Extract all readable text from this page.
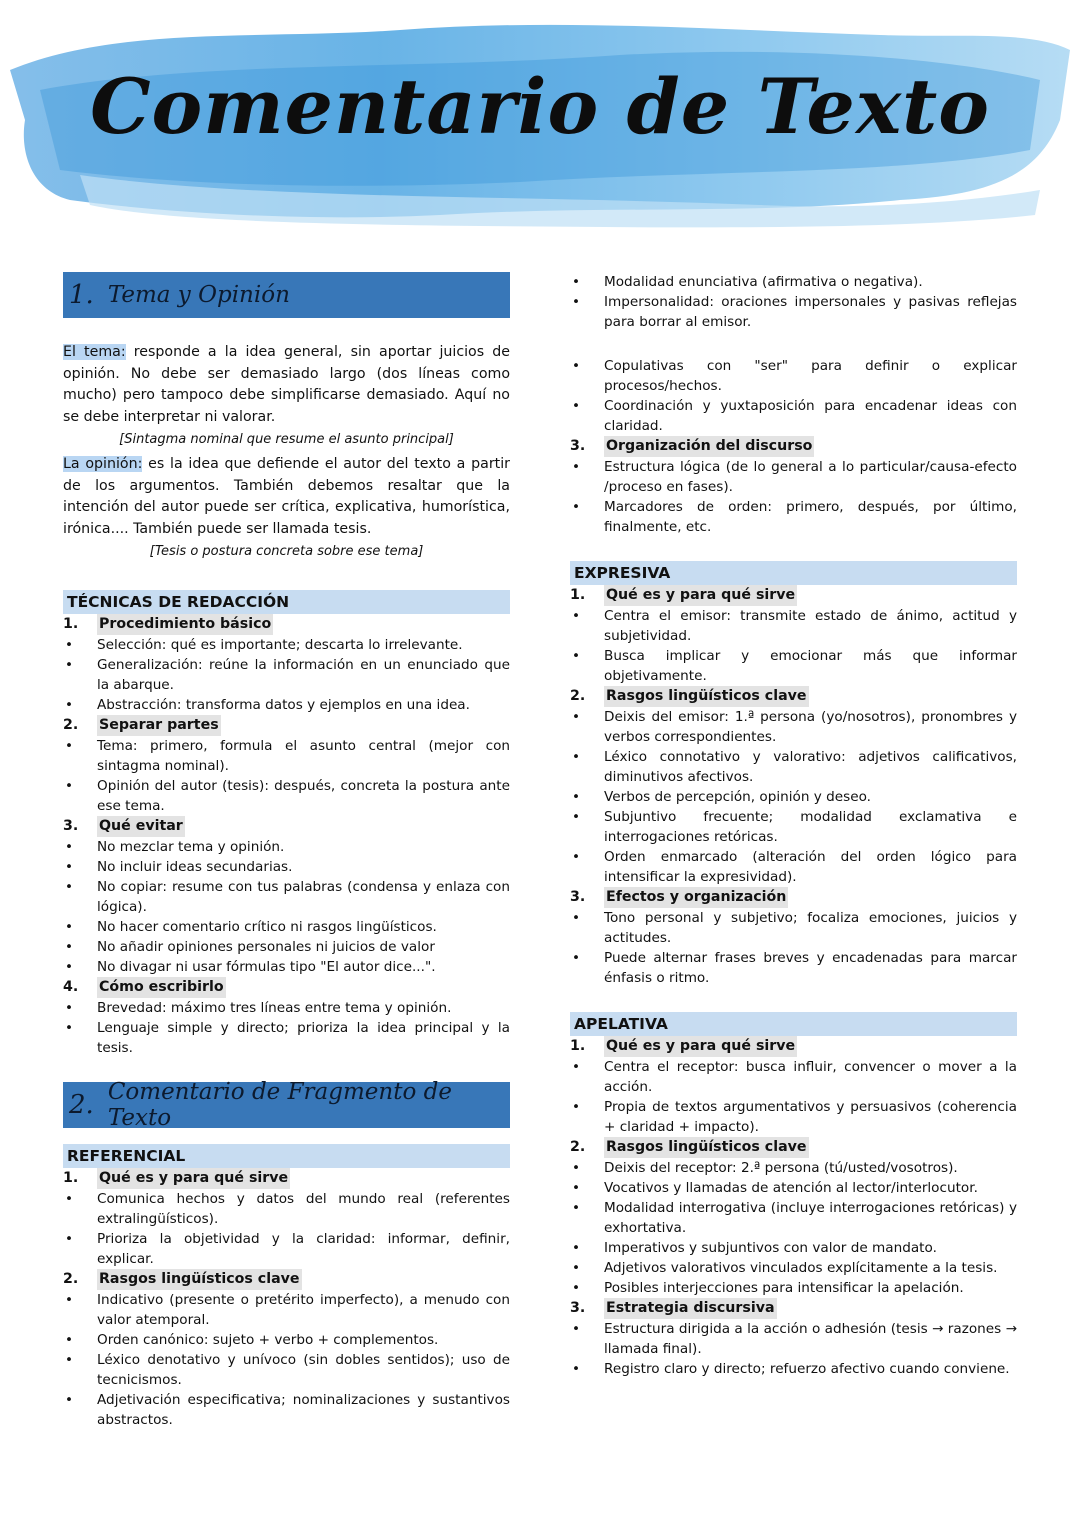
Comentario de Texto
1. Tema y Opinión

El tema: responde a la idea general, sin aportar juicios de opinión. No debe ser demasiado largo (dos líneas como mucho) pero tampoco debe simplificarse demasiado. Aquí no se debe interpretar ni valorar.

[Sintagma nominal que resume el asunto principal]

La opinión: es la idea que defiende el autor del texto a partir de los argumentos. También debemos resaltar que la intención del autor puede ser crítica, explicativa, humorística, irónica.... También puede ser llamada tesis.

[Tesis o postura concreta sobre ese tema]
TÉCNICAS DE REDACCIÓN
1.	Procedimiento básico
• Selección: qué es importante; descarta lo irrelevante.
• Generalización: reúne la información en un enunciado que la abarque.
• Abstracción: transforma datos y ejemplos en una idea.
2.	Separar partes
• Tema: primero, formula el asunto central (mejor con sintagma nominal).
• Opinión del autor (tesis): después, concreta la postura ante ese tema.
3.	Qué evitar
• No mezclar tema y opinión.
• No incluir ideas secundarias.
• No copiar: resume con tus palabras (condensa y enlaza con lógica).
• No hacer comentario crítico ni rasgos lingüísticos.
• No añadir opiniones personales ni juicios de valor
• No divagar ni usar fórmulas tipo "El autor dice...".
4.	Cómo escribirlo
• Brevedad: máximo tres líneas entre tema y opinión.
• Lenguaje simple y directo; prioriza la idea principal y la tesis.
2. Comentario de Fragmento de Texto
REFERENCIAL
1.	Qué es y para qué sirve
• Comunica hechos y datos del mundo real (referentes extralingüísticos).
• Prioriza la objetividad y la claridad: informar, definir, explicar.
2.	Rasgos lingüísticos clave
• Indicativo (presente o pretérito imperfecto), a menudo con valor atemporal.
• Orden canónico: sujeto + verbo + complementos.
• Léxico denotativo y unívoco (sin dobles sentidos); uso de tecnicismos.
• Adjetivación especificativa; nominalizaciones y sustantivos abstractos.
• Modalidad enunciativa (afirmativa o negativa).
• Impersonalidad: oraciones impersonales y pasivas reflejas para borrar al emisor.
• Copulativas con "ser" para definir o explicar procesos/hechos.
• Coordinación y yuxtaposición para encadenar ideas con claridad.
3.	Organización del discurso
• Estructura lógica (de lo general a lo particular/causa-efecto /proceso en fases).
• Marcadores de orden: primero, después, por último, finalmente, etc.
EXPRESIVA
1.	Qué es y para qué sirve
• Centra el emisor: transmite estado de ánimo, actitud y subjetividad.
• Busca implicar y emocionar más que informar objetivamente.
2.	Rasgos lingüísticos clave
• Deixis del emisor: 1.ª persona (yo/nosotros), pronombres y verbos correspondientes.
• Léxico connotativo y valorativo: adjetivos calificativos, diminutivos afectivos.
• Verbos de percepción, opinión y deseo.
• Subjuntivo frecuente; modalidad exclamativa e interrogaciones retóricas.
• Orden enmarcado (alteración del orden lógico para intensificar la expresividad).
3.	Efectos y organización
• Tono personal y subjetivo; focaliza emociones, juicios y actitudes.
• Puede alternar frases breves y encadenadas para marcar énfasis o ritmo.
APELATIVA
1.	Qué es y para qué sirve
• Centra el receptor: busca influir, convencer o mover a la acción.
• Propia de textos argumentativos y persuasivos (coherencia + claridad + impacto).
2.	Rasgos lingüísticos clave
• Deixis del receptor: 2.ª persona (tú/usted/vosotros).
• Vocativos y llamadas de atención al lector/interlocutor.
• Modalidad interrogativa (incluye interrogaciones retóricas) y exhortativa.
• Imperativos y subjuntivos con valor de mandato.
• Adjetivos valorativos vinculados explícitamente a la tesis.
• Posibles interjecciones para intensificar la apelación.
3.	Estrategia discursiva
• Estructura dirigida a la acción o adhesión (tesis → razones → llamada final).
• Registro claro y directo; refuerzo afectivo cuando conviene.
